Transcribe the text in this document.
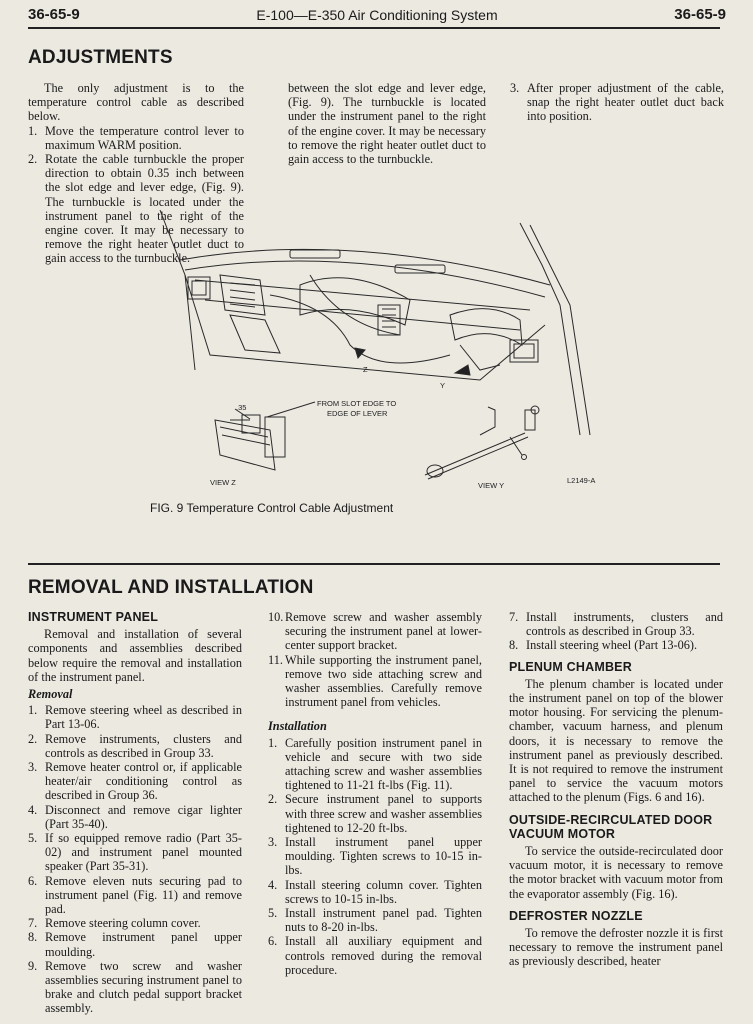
36-65-9	E-100—E-350 Air Conditioning System	36-65-9
ADJUSTMENTS

The only adjustment is to the temperature control cable as described below.

1. Move the temperature control lever to maximum WARM position.

2. Rotate the cable turnbuckle the proper direction to obtain 0.35 inch between the slot edge and lever edge, (Fig. 9). The turnbuckle is located under the instrument panel to the right of the engine cover. It may be necessary to remove the right heater outlet duct to gain access to the turnbuckle.

between the slot edge and lever edge, (Fig. 9). The turnbuckle is located under the instrument panel to the right of the engine cover. It may be necessary to remove the right heater outlet duct to gain access to the turnbuckle.

3. After proper adjustment of the cable, snap the right heater outlet duct back into position.

Z
Y
.35	FROM SLOT EDGE TO
EDGE OF LEVER
VIEW Z	VIEW Y
L2149-A
FIG. 9 Temperature Control Cable Adjustment
REMOVAL AND INSTALLATION
INSTRUMENT PANEL

Removal and installation of several components and assemblies described below require the removal and installation of the instrument panel.

Removal

1. Remove steering wheel as described in Part 13-06.

2. Remove instruments, clusters and controls as described in Group 33.

3. Remove heater control or, if applicable heater/air conditioning control as described in Group 36.

4. Disconnect and remove cigar lighter (Part 35-40).

5. If so equipped remove radio (Part 35-02) and instrument panel mounted speaker (Part 35-31).

6. Remove eleven nuts securing pad to instrument panel (Fig. 11) and remove pad.

7. Remove steering column cover.

8. Remove instrument panel upper moulding.

9. Remove two screw and washer assemblies securing instrument panel to brake and clutch pedal support bracket assembly.

10. Remove screw and washer assembly securing the instrument panel at lower-center support bracket.

11. While supporting the instrument panel, remove two side attaching screw and washer assemblies. Carefully remove instrument panel from vehicles.

Installation

1. Carefully position instrument panel in vehicle and secure with two side attaching screw and washer assemblies tightened to 11-21 ft-lbs (Fig. 11).

2. Secure instrument panel to supports with three screw and washer assemblies tightened to 12-20 ft-lbs.

3. Install instrument panel upper moulding. Tighten screws to 10-15 in-lbs.

4. Install steering column cover. Tighten screws to 10-15 in-lbs.

5. Install instrument panel pad. Tighten nuts to 8-20 in-lbs.

6. Install all auxiliary equipment and controls removed during the removal procedure.

7. Install instruments, clusters and controls as described in Group 33.

8. Install steering wheel (Part 13-06).

PLENUM CHAMBER

The plenum chamber is located under the instrument panel on top of the blower motor housing. For servicing the plenum-chamber, vacuum harness, and plenum doors, it is necessary to remove the instrument panel as previously described. It is not required to remove the instrument panel to service the vacuum motors attached to the plenum (Figs. 6 and 16).

OUTSIDE-RECIRCULATED DOOR
VACUUM MOTOR

To service the outside-recirculated door vacuum motor, it is necessary to remove the motor bracket with vacuum motor from the evaporator assembly (Fig. 16).

DEFROSTER NOZZLE

To remove the defroster nozzle it is first necessary to remove the instrument panel as previously described, heater
